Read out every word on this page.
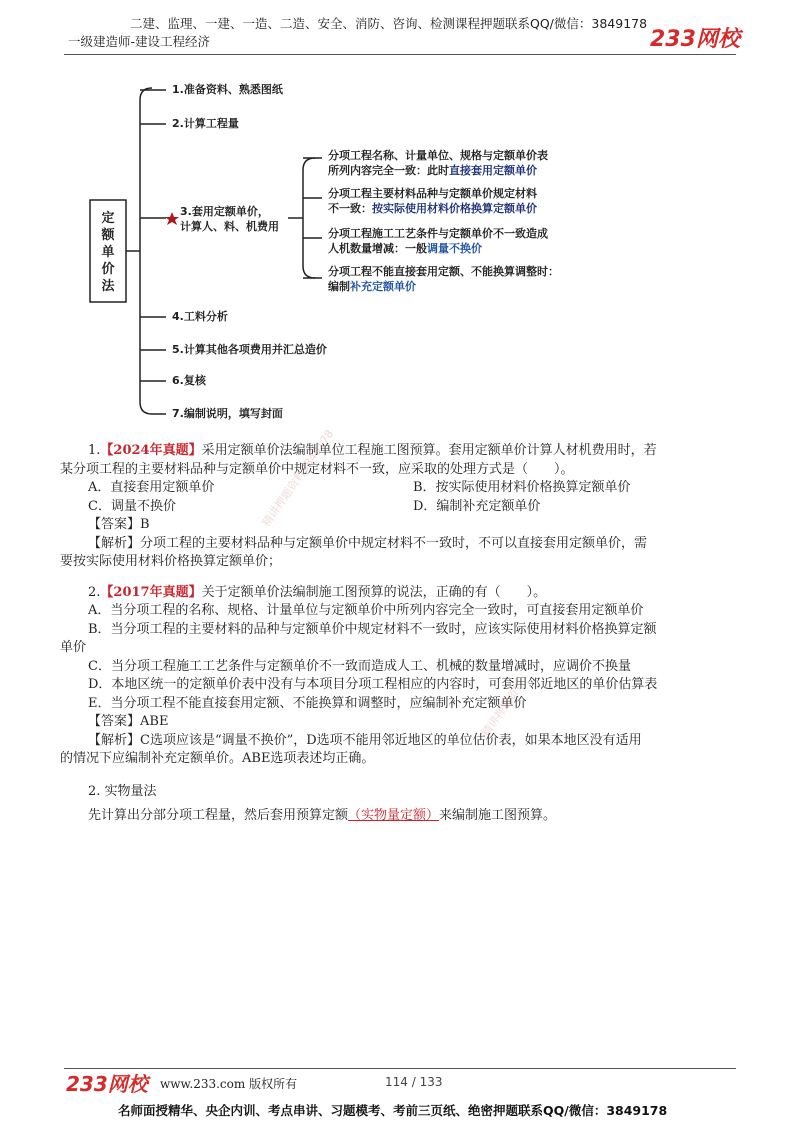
二建、监理、一建、一造、二造、安全、消防、咨询、检测课程押题联系QQ/微信：3849178
一级建造师-建设工程经济	233网校
定
额
单
价
法
1.准备资料、熟悉图纸
2.计算工程量
3.套用定额单价，
计算人、料、机费用
4.工料分析
5.计算其他各项费用并汇总造价
6.复核
7.编制说明，填写封面
分项工程名称、计量单位、规格与定额单价表
所列内容完全一致：此时直接套用定额单价
分项工程主要材料品种与定额单价规定材料
不一致：按实际使用材料价格换算定额单价
分项工程施工工艺条件与定额单价不一致造成
人机数量增减：一般调量不换价
分项工程不能直接套用定额、不能换算调整时：
编制补充定额单价

1.【2024年真题】采用定额单价法编制单位工程施工图预算。套用定额单价计算人材机费用时，若

某分项工程的主要材料品种与定额单价中规定材料不一致，应采取的处理方式是（　　）。

A．直接套用定额单价	B．按实际使用材料价格换算定额单价
C．调量不换价	D．编制补充定额单价

【答案】B

【解析】分项工程的主要材料品种与定额单价中规定材料不一致时，不可以直接套用定额单价，需

要按实际使用材料价格换算定额单价；

2.【2017年真题】关于定额单价法编制施工图预算的说法，正确的有（　　）。

A．当分项工程的名称、规格、计量单位与定额单价中所列内容完全一致时，可直接套用定额单价

B．当分项工程的主要材料的品种与定额单价中规定材料不一致时，应该实际使用材料价格换算定额

单价

C．当分项工程施工工艺条件与定额单价不一致而造成人工、机械的数量增减时，应调价不换量

D．本地区统一的定额单价表中没有与本项目分项工程相应的内容时，可套用邻近地区的单价估算表

E．当分项工程不能直接套用定额、不能换算和调整时，应编制补充定额单价

【答案】ABE

【解析】C选项应该是“调量不换价”，D选项不能用邻近地区的单位估价表，如果本地区没有适用

的情况下应编制补充定额单价。ABE选项表述均正确。

2. 实物量法

先计算出分部分项工程量，然后套用预算定额（实物量定额）来编制施工图预算。

精讲押题资料3849178
精讲押题资料
233网校 www.233.com 版权所有	114 / 133
名师面授精华、央企内训、考点串讲、习题模考、考前三页纸、绝密押题联系QQ/微信：3849178
